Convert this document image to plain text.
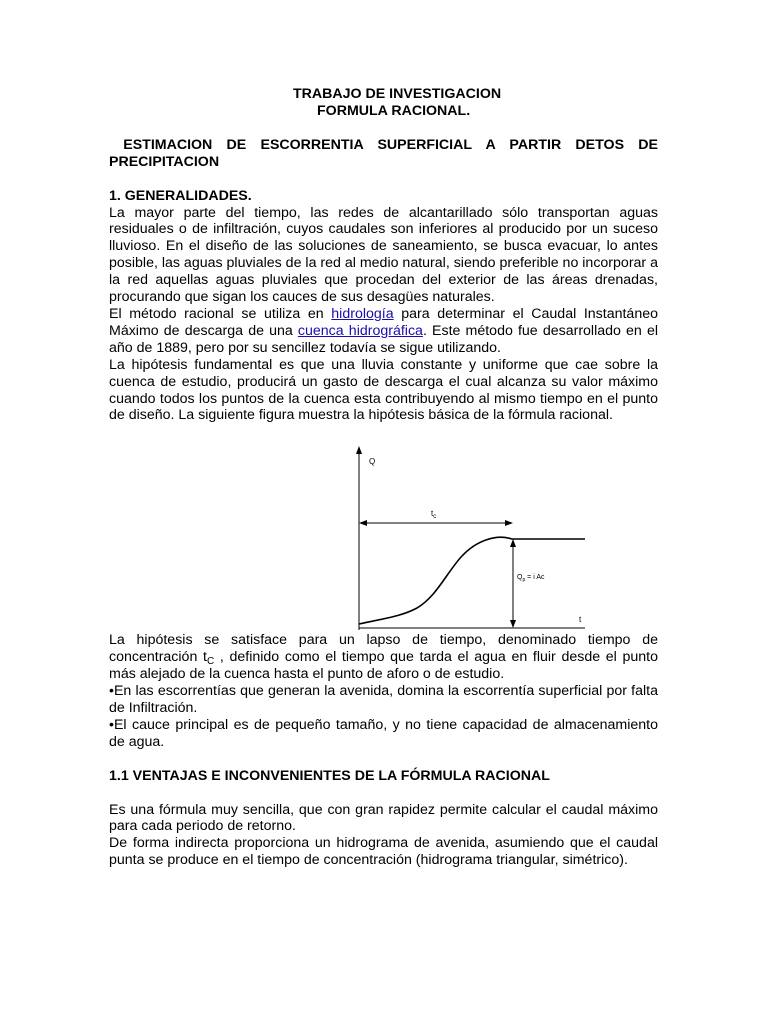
TRABAJO DE INVESTIGACION
FORMULA RACIONAL.
ESTIMACION DE ESCORRENTIA SUPERFICIAL A PARTIR DETOS DE PRECIPITACION
1. GENERALIDADES.

La mayor parte del tiempo, las redes de alcantarillado sólo transportan aguas residuales o de infiltración, cuyos caudales son inferiores al producido por un suceso lluvioso. En el diseño de las soluciones de saneamiento, se busca evacuar, lo antes posible, las aguas pluviales de la red al medio natural, siendo preferible no incorporar a la red aquellas aguas pluviales que procedan del exterior de las áreas drenadas, procurando que sigan los cauces de sus desagües naturales.

El método racional se utiliza en hidrología para determinar el Caudal Instantáneo Máximo de descarga de una cuenca hidrográfica. Este método fue desarrollado en el año de 1889, pero por su sencillez todavía se sigue utilizando.

La hipótesis fundamental es que una lluvia constante y uniforme que cae sobre la cuenca de estudio, producirá un gasto de descarga el cual alcanza su valor máximo cuando todos los puntos de la cuenca esta contribuyendo al mismo tiempo en el punto de diseño. La siguiente figura muestra la hipótesis básica de la fórmula racional.

Q
t
$t_c$
$Q_p = i$ Ac

La hipótesis se satisface para un lapso de tiempo, denominado tiempo de concentración $t_C$ , definido como el tiempo que tarda el agua en fluir desde el punto más alejado de la cuenca hasta el punto de aforo o de estudio.

•En las escorrentías que generan la avenida, domina la escorrentía superficial por falta de Infiltración.

•El cauce principal es de pequeño tamaño, y no tiene capacidad de almacenamiento de agua.

1.1 VENTAJAS E INCONVENIENTES DE LA FÓRMULA RACIONAL

Es una fórmula muy sencilla, que con gran rapidez permite calcular el caudal máximo para cada periodo de retorno.

De forma indirecta proporciona un hidrograma de avenida, asumiendo que el caudal punta se produce en el tiempo de concentración (hidrograma triangular, simétrico).
